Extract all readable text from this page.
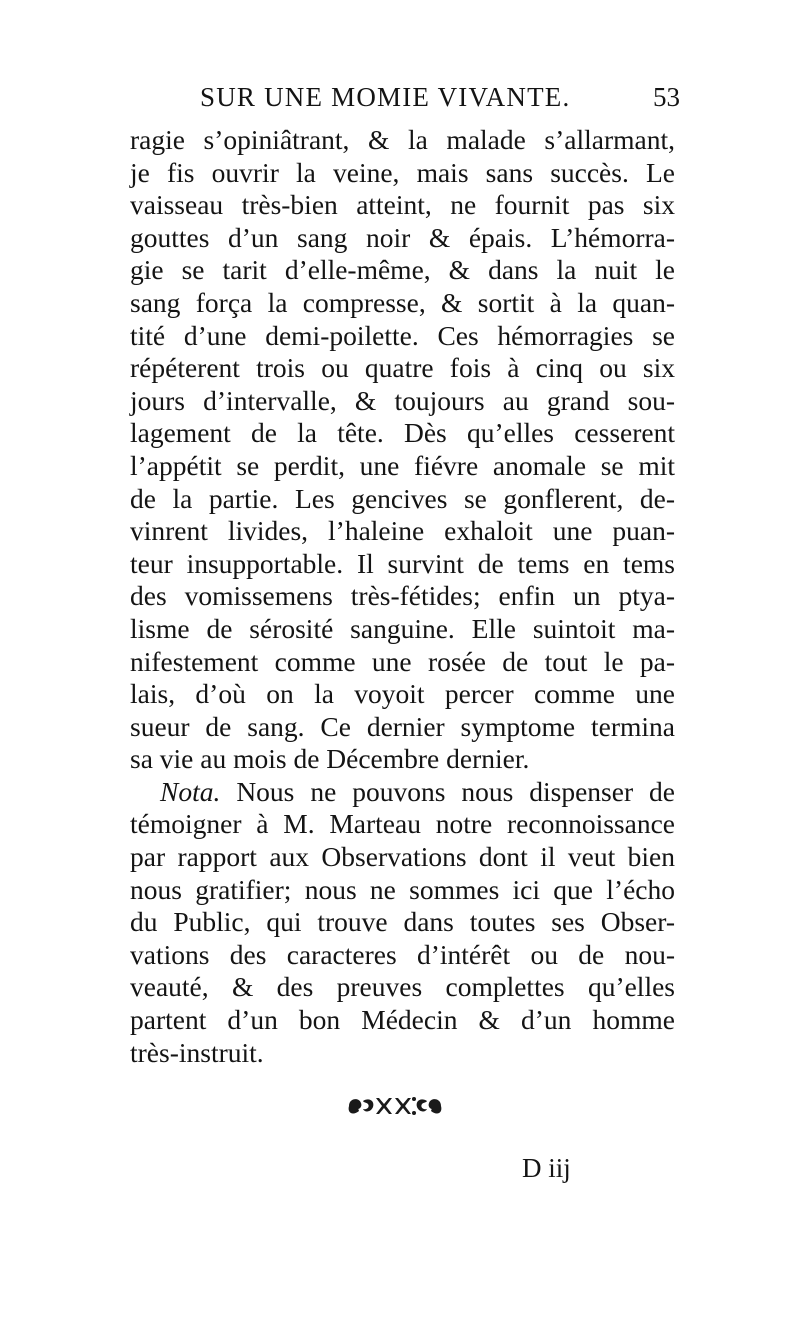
SUR UNE MOMIE VIVANTE.	53
ragie s’opiniâtrant, & la malade s’allarmant,
je fis ouvrir la veine, mais sans succès. Le
vaisseau très-bien atteint, ne fournit pas six
gouttes d’un sang noir & épais. L’hémorra-
gie se tarit d’elle-même, & dans la nuit le
sang força la compresse, & sortit à la quan-
tité d’une demi-poilette. Ces hémorragies se
répéterent trois ou quatre fois à cinq ou six
jours d’intervalle, & toujours au grand sou-
lagement de la tête. Dès qu’elles cesserent
l’appétit se perdit, une fiévre anomale se mit
de la partie. Les gencives se gonflerent, de-
vinrent livides, l’haleine exhaloit une puan-
teur insupportable. Il survint de tems en tems
des vomissemens très-fétides; enfin un ptya-
lisme de sérosité sanguine. Elle suintoit ma-
nifestement comme une rosée de tout le pa-
lais, d’où on la voyoit percer comme une
sueur de sang. Ce dernier symptome termina
sa vie au mois de Décembre dernier.
Nota. Nous ne pouvons nous dispenser de
témoigner à M. Marteau notre reconnoissance
par rapport aux Observations dont il veut bien
nous gratifier; nous ne sommes ici que l’écho
du Public, qui trouve dans toutes ses Obser-
vations des caracteres d’intérêt ou de nou-
veauté, & des preuves complettes qu’elles
partent d’un bon Médecin & d’un homme
très-instruit.
D iij
